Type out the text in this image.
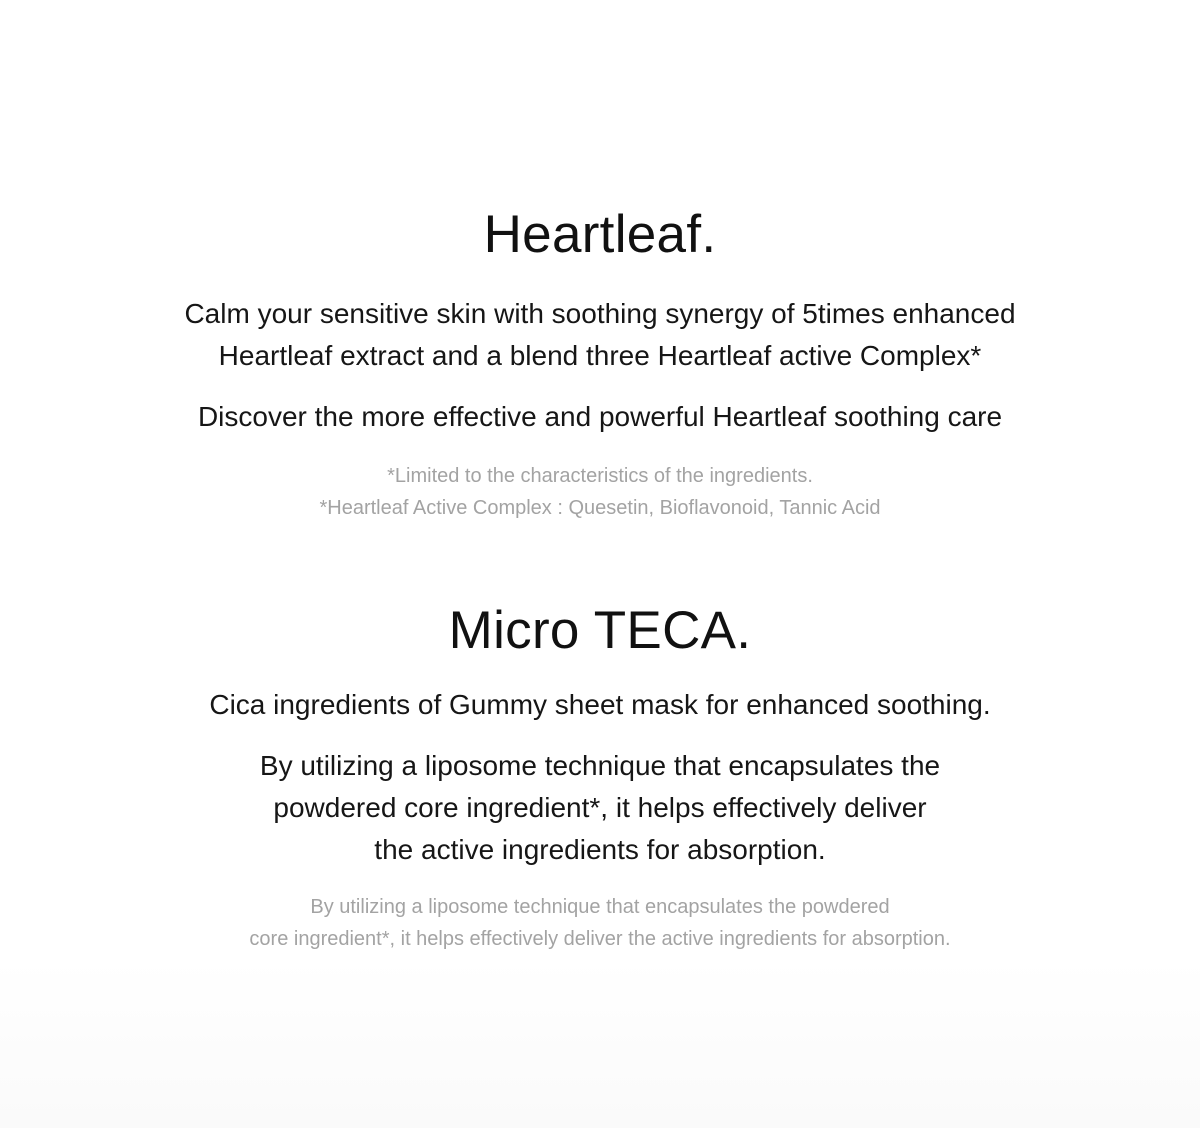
Heartleaf.

Calm your sensitive skin with soothing synergy of 5times enhanced
Heartleaf extract and a blend three Heartleaf active Complex*

Discover the more effective and powerful Heartleaf soothing care

*Limited to the characteristics of the ingredients.
*Heartleaf Active Complex : Quesetin, Bioflavonoid, Tannic Acid

Micro TECA.

Cica ingredients of Gummy sheet mask for enhanced soothing.

By utilizing a liposome technique that encapsulates the
powdered core ingredient*, it helps effectively deliver
the active ingredients for absorption.

By utilizing a liposome technique that encapsulates the powdered
core ingredient*, it helps effectively deliver the active ingredients for absorption.
